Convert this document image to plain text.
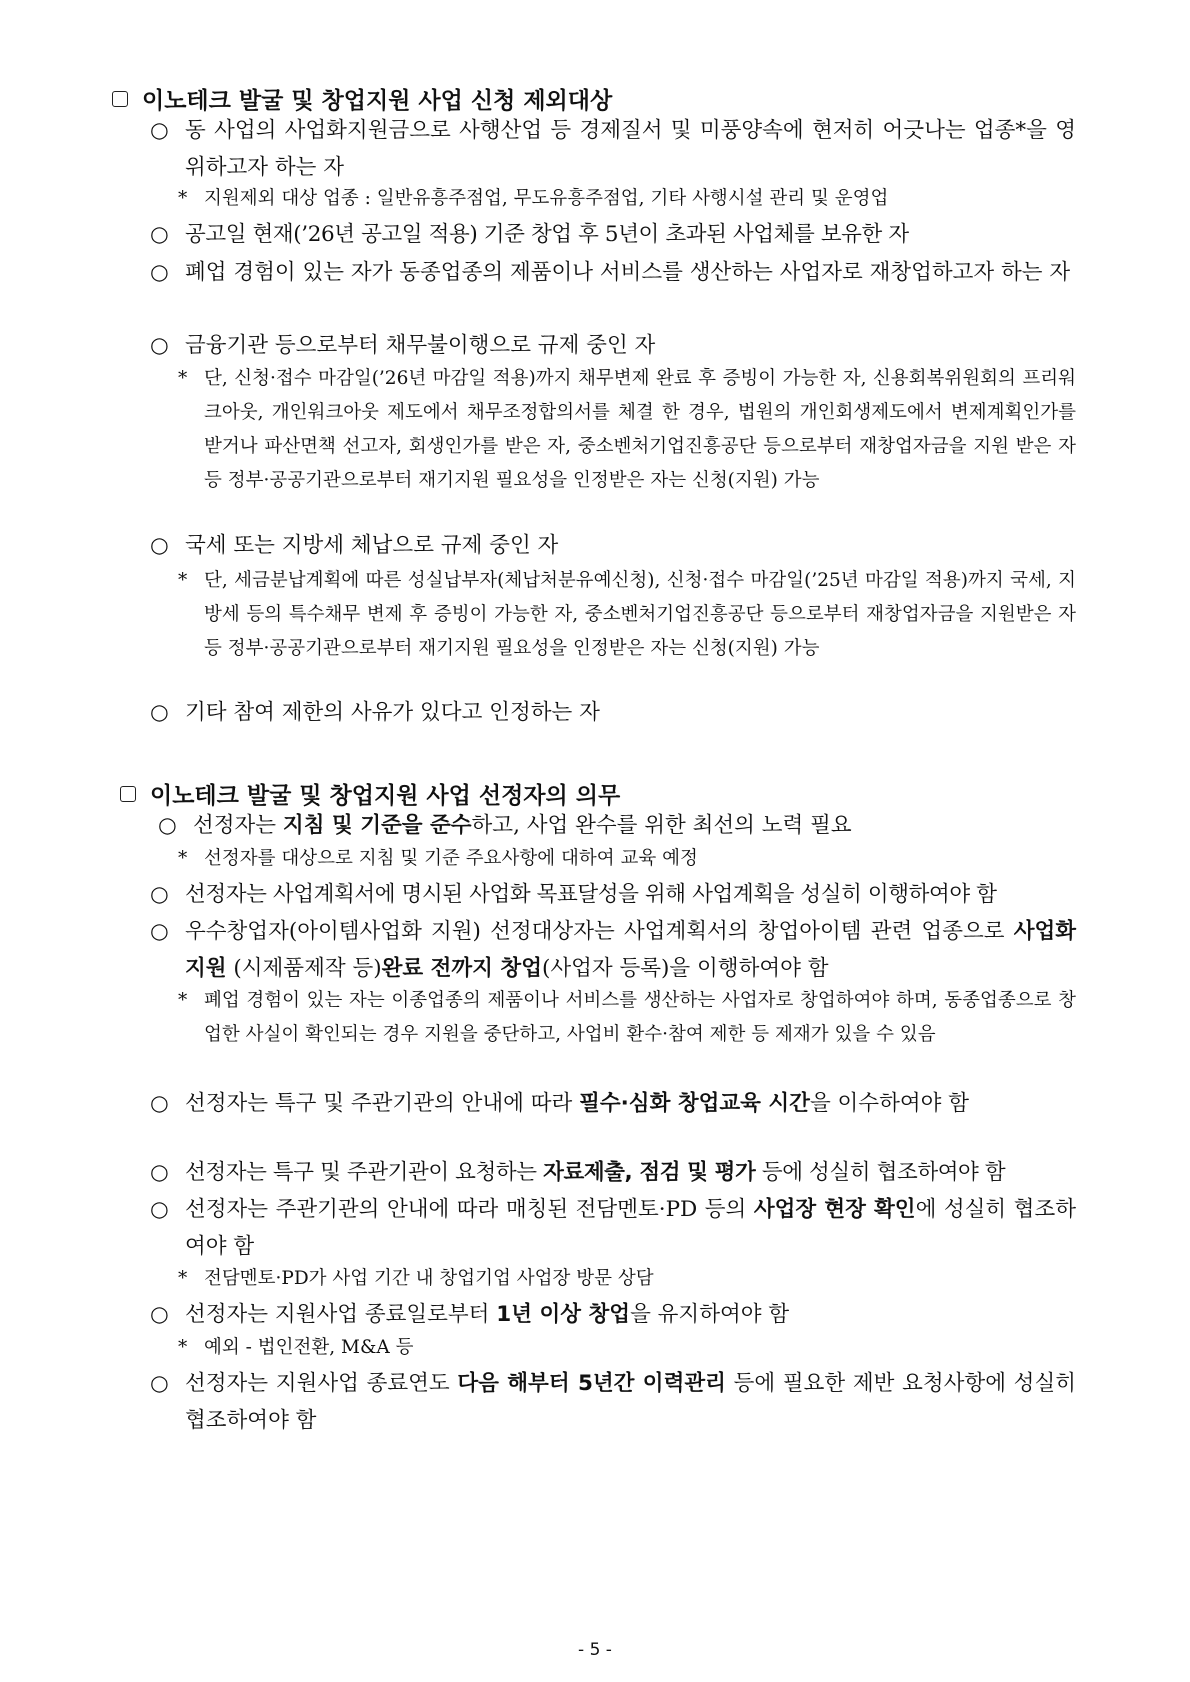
이노테크 발굴 및 창업지원 사업 신청 제외대상
○ 동 사업의 사업화지원금으로 사행산업 등 경제질서 및 미풍양속에 현저히 어긋나는 업종*을 영위하고자 하는 자
* 지원제외 대상 업종 : 일반유흥주점업, 무도유흥주점업, 기타 사행시설 관리 및 운영업
○ 공고일 현재(’26년 공고일 적용) 기준 창업 후 5년이 초과된 사업체를 보유한 자
○ 폐업 경험이 있는 자가 동종업종의 제품이나 서비스를 생산하는 사업자로 재창업하고자 하는 자
○ 금융기관 등으로부터 채무불이행으로 규제 중인 자
* 단, 신청·접수 마감일(’26년 마감일 적용)까지 채무변제 완료 후 증빙이 가능한 자, 신용회복위원회의 프리워크아웃, 개인워크아웃 제도에서 채무조정합의서를 체결 한 경우, 법원의 개인회생제도에서 변제계획인가를 받거나 파산면책 선고자, 회생인가를 받은 자, 중소벤처기업진흥공단 등으로부터 재창업자금을 지원 받은 자 등 정부·공공기관으로부터 재기지원 필요성을 인정받은 자는 신청(지원) 가능
○ 국세 또는 지방세 체납으로 규제 중인 자
* 단, 세금분납계획에 따른 성실납부자(체납처분유예신청), 신청·접수 마감일(’25년 마감일 적용)까지 국세, 지방세 등의 특수채무 변제 후 증빙이 가능한 자, 중소벤처기업진흥공단 등으로부터 재창업자금을 지원받은 자 등 정부·공공기관으로부터 재기지원 필요성을 인정받은 자는 신청(지원) 가능
○ 기타 참여 제한의 사유가 있다고 인정하는 자
이노테크 발굴 및 창업지원 사업 선정자의 의무
○ 선정자는 지침 및 기준을 준수하고, 사업 완수를 위한 최선의 노력 필요
* 선정자를 대상으로 지침 및 기준 주요사항에 대하여 교육 예정
○ 선정자는 사업계획서에 명시된 사업화 목표달성을 위해 사업계획을 성실히 이행하여야 함
○ 우수창업자(아이템사업화 지원) 선정대상자는 사업계획서의 창업아이템 관련 업종으로 사업화지원 (시제품제작 등)완료 전까지 창업(사업자 등록)을 이행하여야 함
* 폐업 경험이 있는 자는 이종업종의 제품이나 서비스를 생산하는 사업자로 창업하여야 하며, 동종업종으로 창업한 사실이 확인되는 경우 지원을 중단하고, 사업비 환수·참여 제한 등 제재가 있을 수 있음
○ 선정자는 특구 및 주관기관의 안내에 따라 필수·심화 창업교육 시간을 이수하여야 함
○ 선정자는 특구 및 주관기관이 요청하는 자료제출, 점검 및 평가 등에 성실히 협조하여야 함
○ 선정자는 주관기관의 안내에 따라 매칭된 전담멘토·PD 등의 사업장 현장 확인에 성실히 협조하여야 함
* 전담멘토·PD가 사업 기간 내 창업기업 사업장 방문 상담
○ 선정자는 지원사업 종료일로부터 1년 이상 창업을 유지하여야 함
* 예외 - 법인전환, M&A 등
○ 선정자는 지원사업 종료연도 다음 해부터 5년간 이력관리 등에 필요한 제반 요청사항에 성실히 협조하여야 함
- 5 -
